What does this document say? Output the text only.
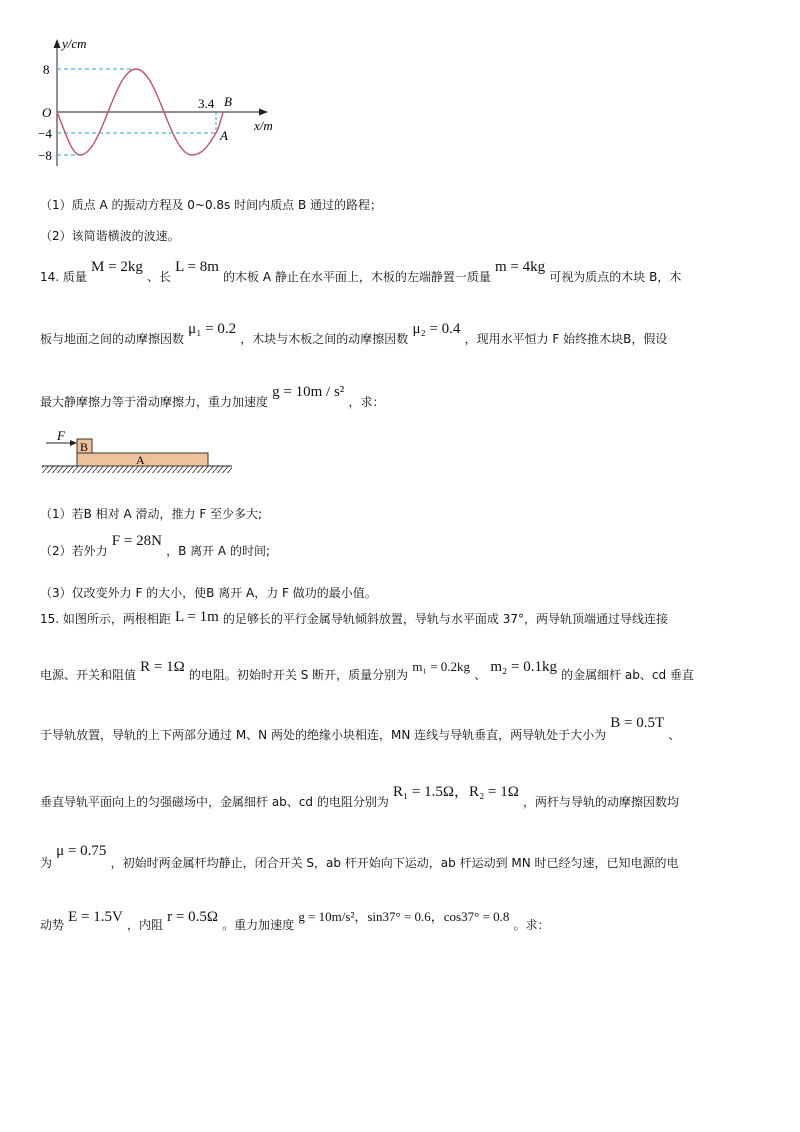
y/cm
x/m
O
8
−4
−8
3.4 B
A
（1）质点 A 的振动方程及 0~0.8s 时间内质点 B 通过的路程；
（2）该简谐横波的波速。
14. 质量 M = 2kg 、长 L = 8m 的木板 A 静止在水平面上，木板的左端静置一质量 m = 4kg 可视为质点的木块 B，木
板与地面之间的动摩擦因数 μ₁ = 0.2 ，木块与木板之间的动摩擦因数 μ₂ = 0.4 ，现用水平恒力 F 始终推木块B，假设
最大静摩擦力等于滑动摩擦力，重力加速度 g = 10m / s² ，求：
F
B
A
（1）若B 相对 A 滑动，推力 F 至少多大;
（2）若外力 F = 28N ，B 离开 A 的时间;
（3）仅改变外力 F 的大小，使B 离开 A，力 F 做功的最小值。
15. 如图所示，两根相距 L = 1m 的足够长的平行金属导轨倾斜放置，导轨与水平面成 37°，两导轨顶端通过导线连接
电源、开关和阻值 R = 1Ω 的电阻。初始时开关 S 断开，质量分别为 m₁ = 0.2kg 、 m₂ = 0.1kg 的金属细杆 ab、cd 垂直
于导轨放置，导轨的上下两部分通过 M、N 两处的绝缘小块相连，MN 连线与导轨垂直，两导轨处于大小为 B = 0.5T 、
垂直导轨平面向上的匀强磁场中，金属细杆 ab、cd 的电阻分别为 R₁ = 1.5Ω，R₂ = 1Ω ，两杆与导轨的动摩擦因数均
为 μ = 0.75 ，初始时两金属杆均静止，闭合开关 S，ab 杆开始向下运动，ab 杆运动到 MN 时已经匀速，已知电源的电
动势 E = 1.5V ，内阻 r = 0.5Ω 。重力加速度 g = 10m/s²，sin37° = 0.6，cos37° = 0.8 。求：
